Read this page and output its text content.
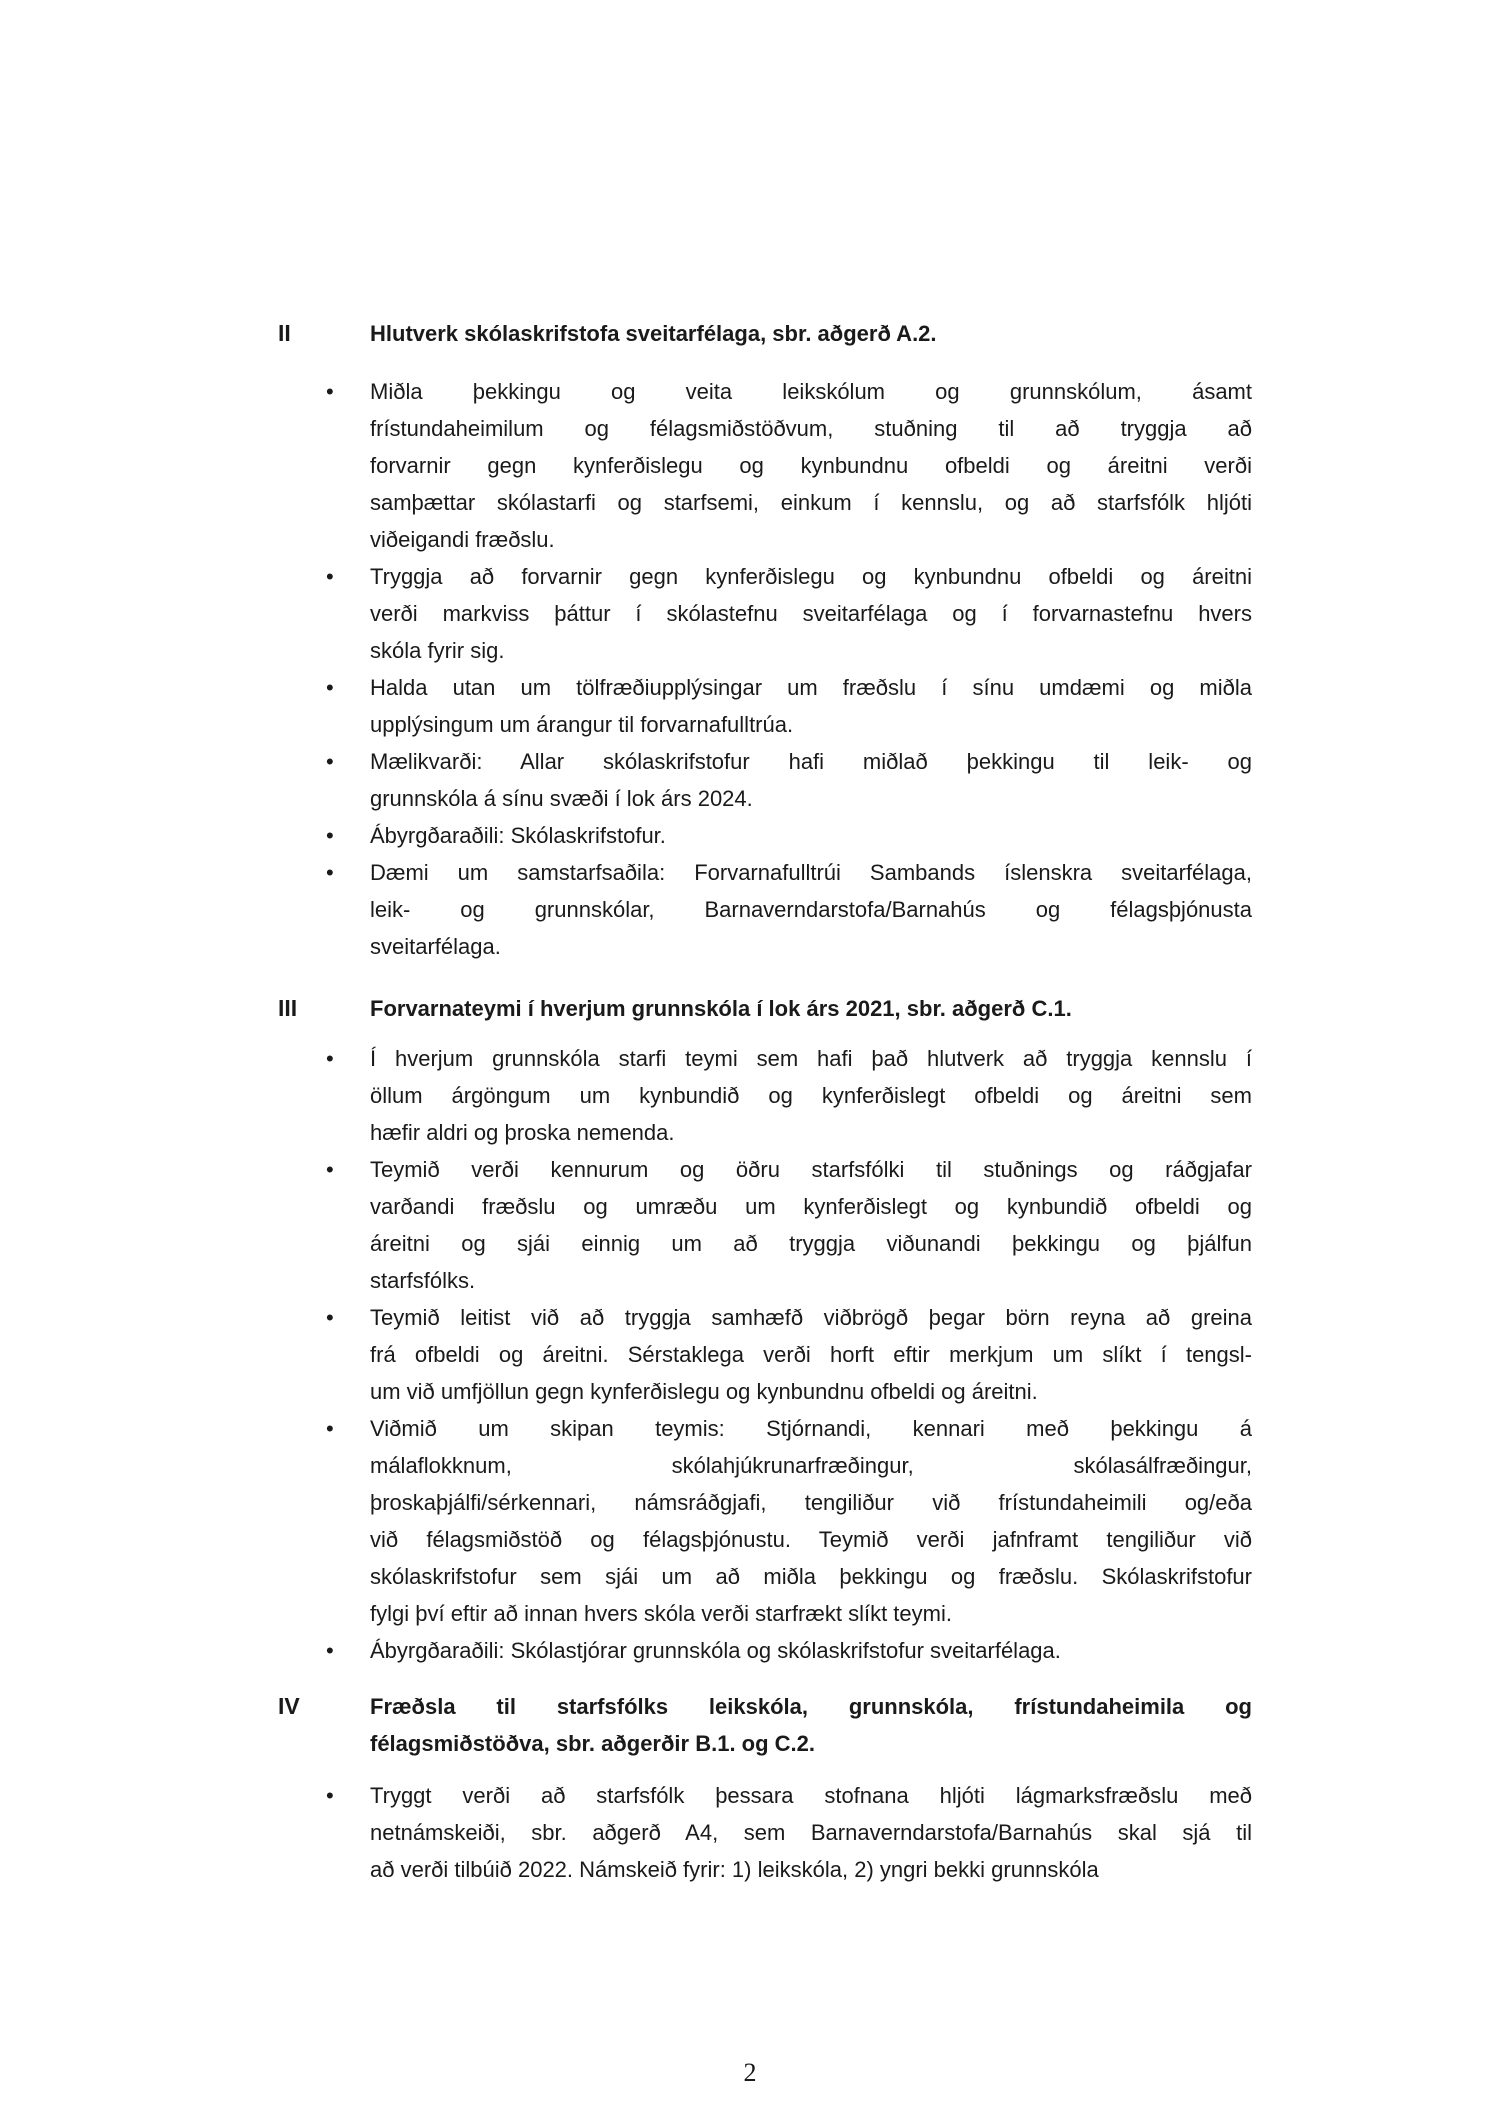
II	Hlutverk skólaskrifstofa sveitarfélaga, sbr. aðgerð A.2.
• Miðla þekkingu og veita leikskólum og grunnskólum, ásamt
frístundaheimilum og félagsmiðstöðvum, stuðning til að tryggja að
forvarnir gegn kynferðislegu og kynbundnu ofbeldi og áreitni verði
samþættar skólastarfi og starfsemi, einkum í kennslu, og að starfsfólk hljóti
viðeigandi fræðslu.
• Tryggja að forvarnir gegn kynferðislegu og kynbundnu ofbeldi og áreitni
verði markviss þáttur í skólastefnu sveitarfélaga og í forvarnastefnu hvers
skóla fyrir sig.
• Halda utan um tölfræðiupplýsingar um fræðslu í sínu umdæmi og miðla
upplýsingum um árangur til forvarnafulltrúa.
• Mælikvarði: Allar skólaskrifstofur hafi miðlað þekkingu til leik- og
grunnskóla á sínu svæði í lok árs 2024.
• Ábyrgðaraðili: Skólaskrifstofur.
• Dæmi um samstarfsaðila: Forvarnafulltrúi Sambands íslenskra sveitarfélaga,
leik- og grunnskólar, Barnaverndarstofa/Barnahús og félagsþjónusta
sveitarfélaga.
III	Forvarnateymi í hverjum grunnskóla í lok árs 2021, sbr. aðgerð C.1.
• Í hverjum grunnskóla starfi teymi sem hafi það hlutverk að tryggja kennslu í
öllum árgöngum um kynbundið og kynferðislegt ofbeldi og áreitni sem
hæfir aldri og þroska nemenda.
• Teymið verði kennurum og öðru starfsfólki til stuðnings og ráðgjafar
varðandi fræðslu og umræðu um kynferðislegt og kynbundið ofbeldi og
áreitni og sjái einnig um að tryggja viðunandi þekkingu og þjálfun
starfsfólks.
• Teymið leitist við að tryggja samhæfð viðbrögð þegar börn reyna að greina
frá ofbeldi og áreitni. Sérstaklega verði horft eftir merkjum um slíkt í tengsl-
um við umfjöllun gegn kynferðislegu og kynbundnu ofbeldi og áreitni.
• Viðmið um skipan teymis: Stjórnandi, kennari með þekkingu á
málaflokknum, skólahjúkrunarfræðingur, skólasálfræðingur,
þroskaþjálfi/sérkennari, námsráðgjafi, tengiliður við frístundaheimili og/eða
við félagsmiðstöð og félagsþjónustu. Teymið verði jafnframt tengiliður við
skólaskrifstofur sem sjái um að miðla þekkingu og fræðslu. Skólaskrifstofur
fylgi því eftir að innan hvers skóla verði starfrækt slíkt teymi.
• Ábyrgðaraðili: Skólastjórar grunnskóla og skólaskrifstofur sveitarfélaga.
IV	Fræðsla til starfsfólks leikskóla, grunnskóla, frístundaheimila og
félagsmiðstöðva, sbr. aðgerðir B.1. og C.2.
• Tryggt verði að starfsfólk þessara stofnana hljóti lágmarksfræðslu með
netnámskeiði, sbr. aðgerð A4, sem Barnaverndarstofa/Barnahús skal sjá til
að verði tilbúið 2022. Námskeið fyrir: 1) leikskóla, 2) yngri bekki grunnskóla
2
